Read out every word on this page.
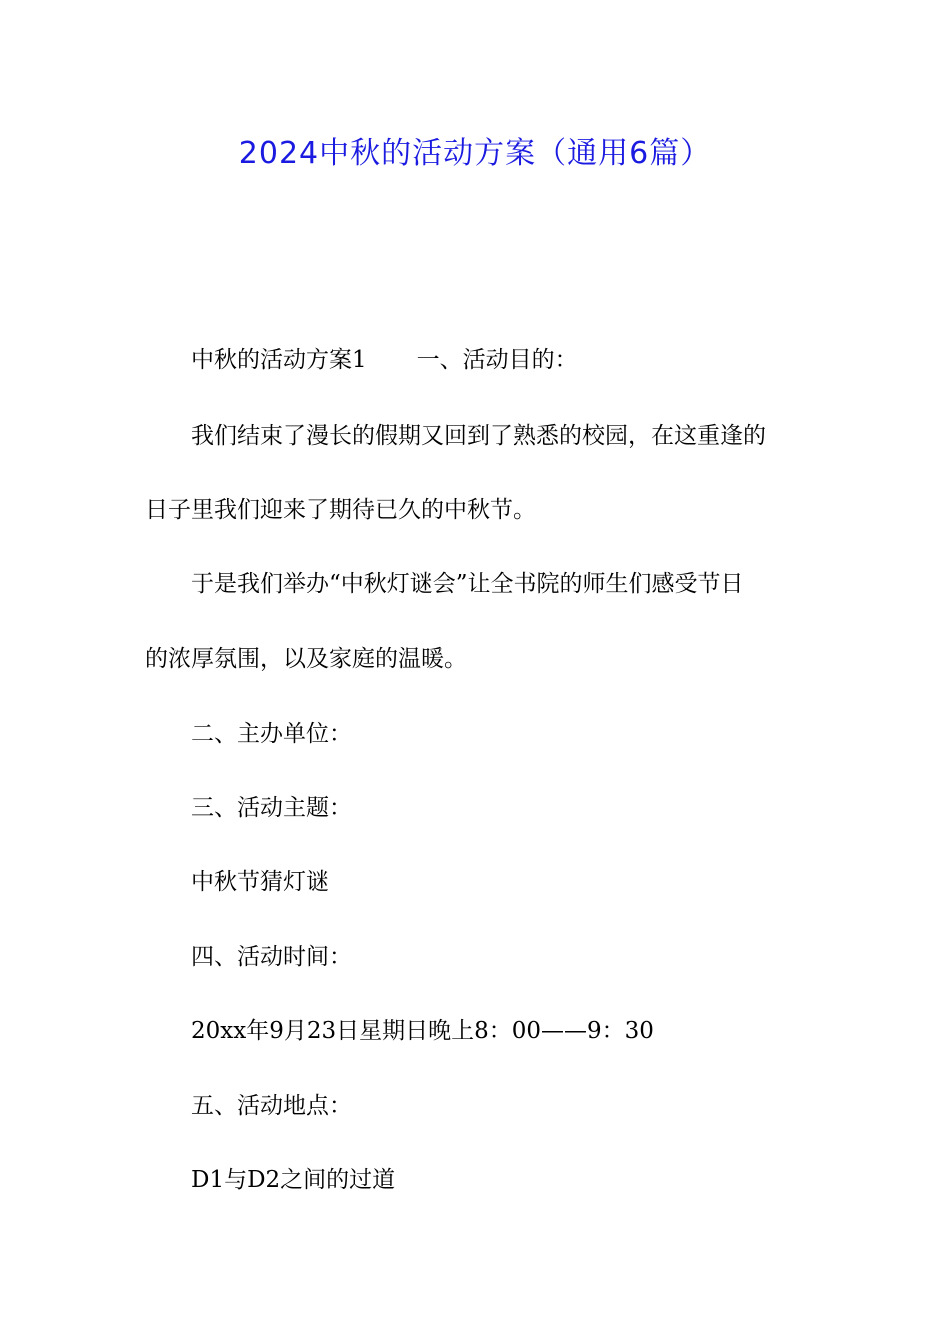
2024中秋的活动方案（通用6篇）
中秋的活动方案1 一、活动目的：
我们结束了漫长的假期又回到了熟悉的校园，在这重逢的
日子里我们迎来了期待已久的中秋节。
于是我们举办“中秋灯谜会”让全书院的师生们感受节日
的浓厚氛围，以及家庭的温暖。
二、主办单位：
三、活动主题：
中秋节猜灯谜
四、活动时间：
20xx年9月23日星期日晚上8：00——9：30
五、活动地点：
D1与D2之间的过道
